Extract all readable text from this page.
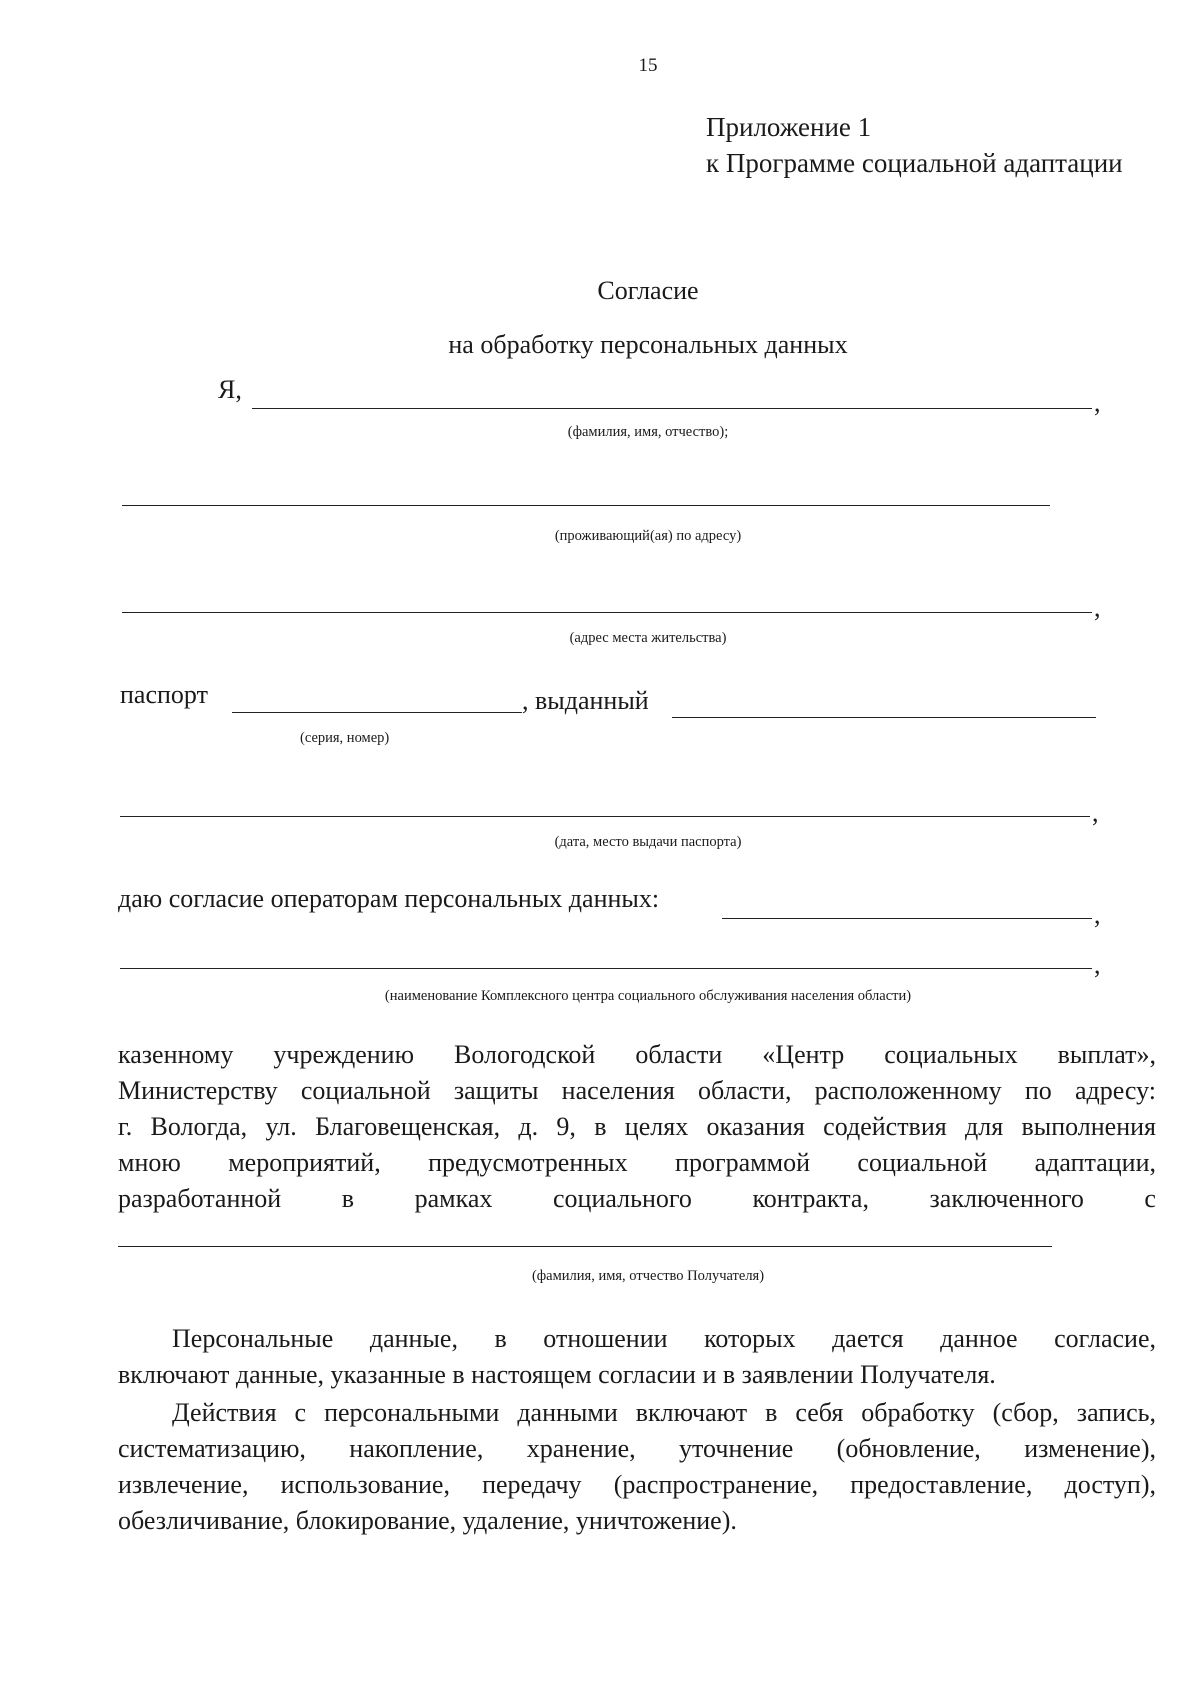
15
Приложение 1
к Программе социальной адаптации
Согласие
на обработку персональных данных
Я,	,
(фамилия, имя, отчество);
(проживающий(ая) по адресу)
,
(адрес места жительства)
паспорт	, выданный
(серия, номер)
,
(дата, место выдачи паспорта)
даю согласие операторам персональных данных:
,
,
(наименование Комплексного центра социального обслуживания населения области)
казенному учреждению Вологодской области «Центр социальных выплат»,
Министерству социальной защиты населения области, расположенному по адресу:
г. Вологда, ул. Благовещенская, д. 9, в целях оказания содействия для выполнения
мною мероприятий, предусмотренных программой социальной адаптации,
разработанной в рамках социального контракта, заключенного с
(фамилия, имя, отчество Получателя)
Персональные данные, в отношении которых дается данное согласие,
включают данные, указанные в настоящем согласии и в заявлении Получателя.
Действия с персональными данными включают в себя обработку (сбор, запись,
систематизацию, накопление, хранение, уточнение (обновление, изменение),
извлечение, использование, передачу (распространение, предоставление, доступ),
обезличивание, блокирование, удаление, уничтожение).
